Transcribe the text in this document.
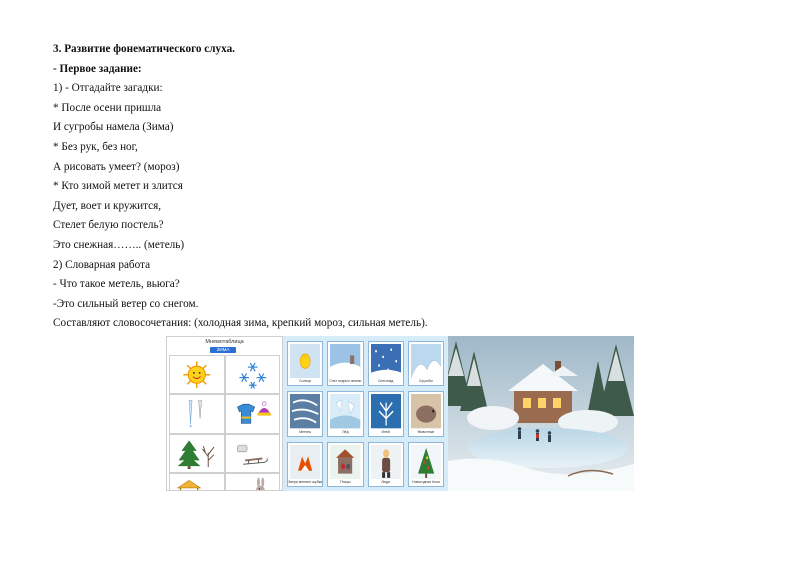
3. Развитие фонематического слуха.
- Первое задание:
1) - Отгадайте загадки:
* После осени пришла
И сугробы намела (Зима)
* Без рук, без ног,
А рисовать умеет? (мороз)
* Кто зимой метет и злится
Дует, воет и кружится,
Стелет белую постель?
Это снежная…….. (метель)
2) Словарная работа
- Что такое метель, вьюга?
-Это сильный ветер со снегом.
Составляют словосочетания: (холодная зима, крепкий мороз, сильная метель).
Мнемотаблица
ЗИМА
Солнце	Снег покрыл землю	Снегопад	Сугробы
Метель	Лёд	Иней	Животные
Звери меняют шубки	Птицы	Люди	Новогодняя ёлка
